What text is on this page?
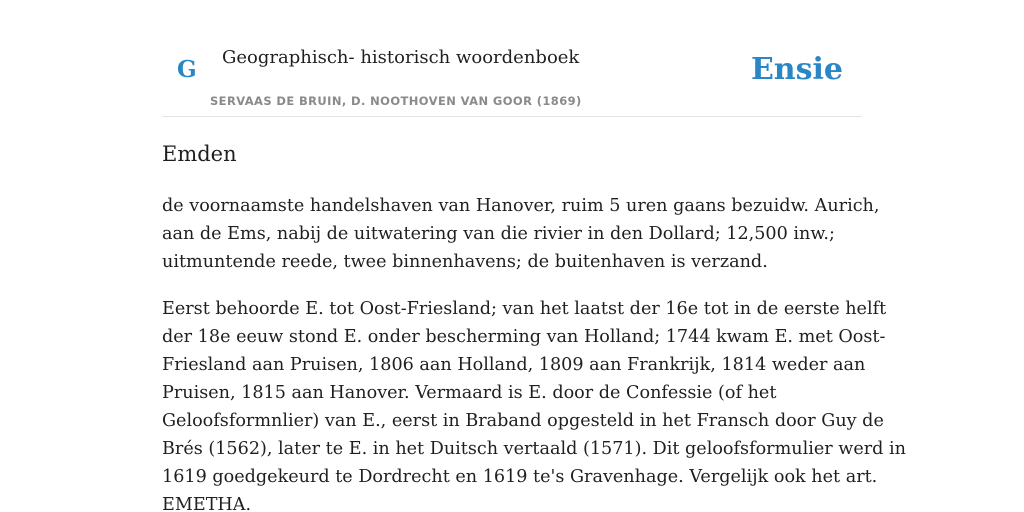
G Geographisch- historisch woordenboek
SERVAAS DE BRUIN, D. NOOTHOVEN VAN GOOR (1869)
Ensie
Emden

de voornaamste handelshaven van Hanover, ruim 5 uren gaans bezuidw. Aurich,
aan de Ems, nabij de uitwatering van die rivier in den Dollard; 12,500 inw.;
uitmuntende reede, twee binnenhavens; de buitenhaven is verzand.

Eerst behoorde E. tot Oost-Friesland; van het laatst der 16e tot in de eerste helft
der 18e eeuw stond E. onder bescherming van Holland; 1744 kwam E. met Oost-
Friesland aan Pruisen, 1806 aan Holland, 1809 aan Frankrijk, 1814 weder aan
Pruisen, 1815 aan Hanover. Vermaard is E. door de Confessie (of het
Geloofsformnlier) van E., eerst in Braband opgesteld in het Fransch door Guy de
Brés (1562), later te E. in het Duitsch vertaald (1571). Dit geloofsformulier werd in
1619 goedgekeurd te Dordrecht en 1619 te's Gravenhage. Vergelijk ook het art.
EMETHA.
